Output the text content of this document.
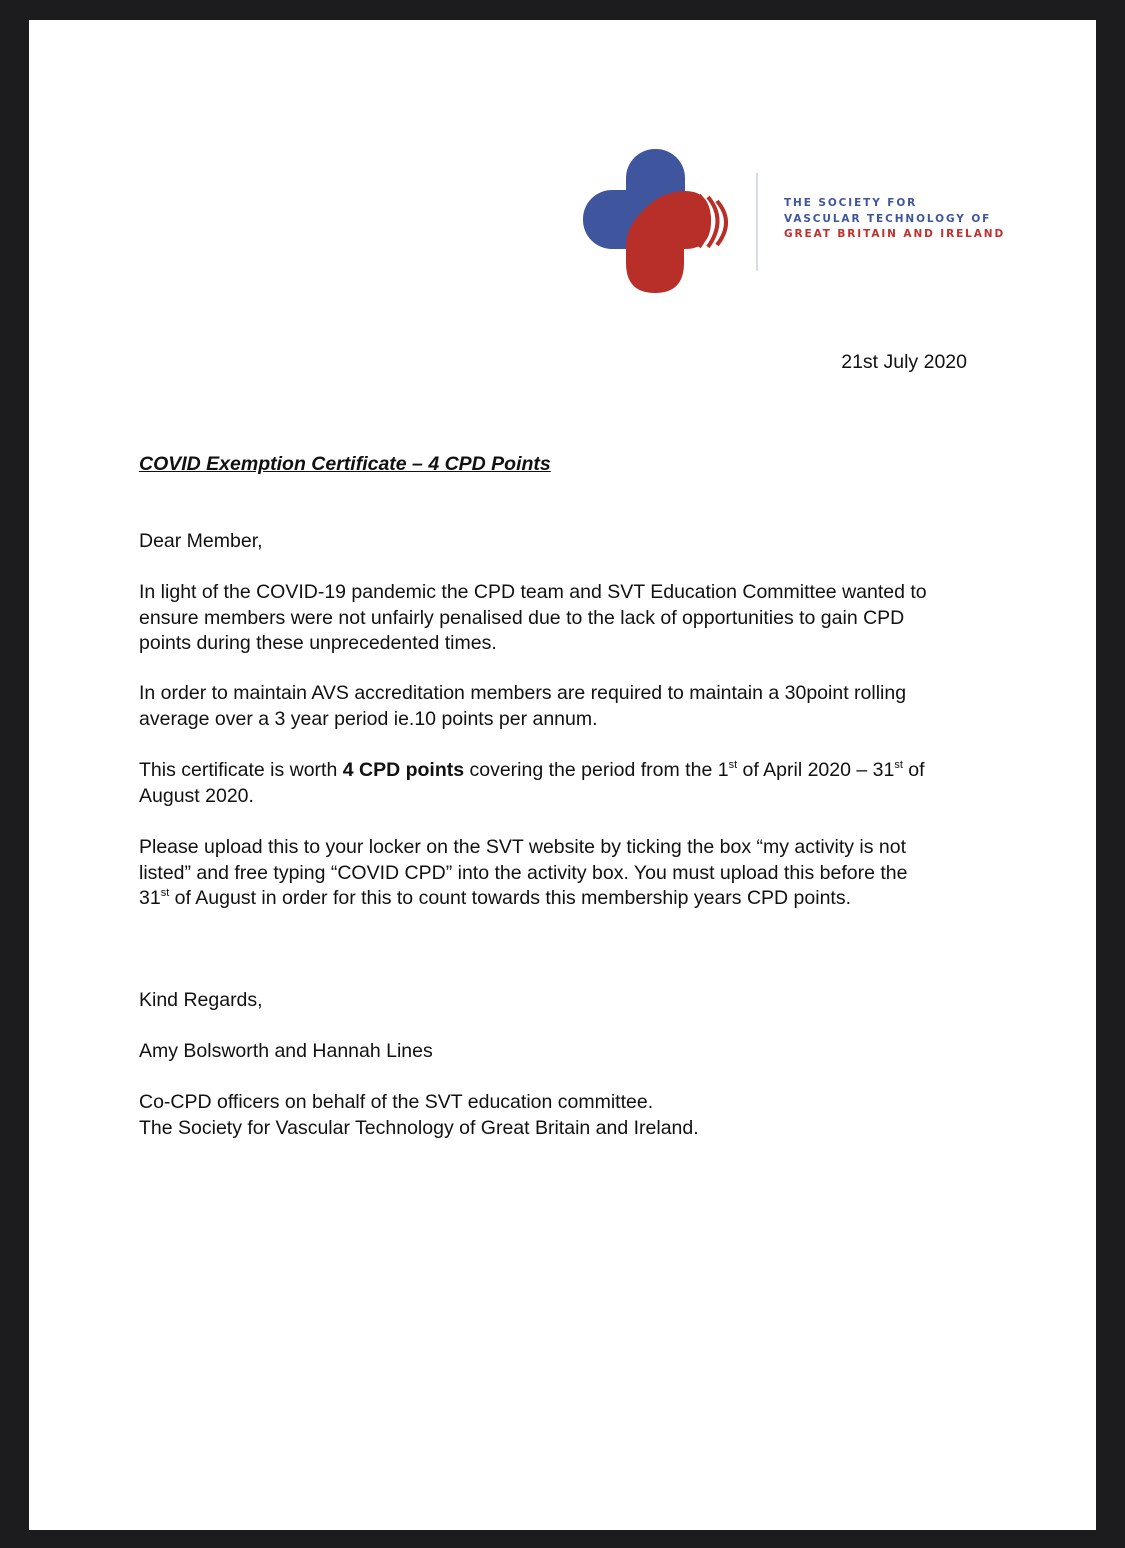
THE SOCIETY FOR
VASCULAR TECHNOLOGY OF
GREAT BRITAIN AND IRELAND
21st July 2020
COVID Exemption Certificate – 4 CPD Points
Dear Member,
In light of the COVID-19 pandemic the CPD team and SVT Education Committee wanted to
ensure members were not unfairly penalised due to the lack of opportunities to gain CPD
points during these unprecedented times.
In order to maintain AVS accreditation members are required to maintain a 30point rolling
average over a 3 year period ie.10 points per annum.
This certificate is worth 4 CPD points covering the period from the 1st of April 2020 – 31st of
August 2020.
Please upload this to your locker on the SVT website by ticking the box “my activity is not
listed” and free typing “COVID CPD” into the activity box. You must upload this before the
31st of August in order for this to count towards this membership years CPD points.
Kind Regards,
Amy Bolsworth and Hannah Lines
Co-CPD officers on behalf of the SVT education committee.
The Society for Vascular Technology of Great Britain and Ireland.
